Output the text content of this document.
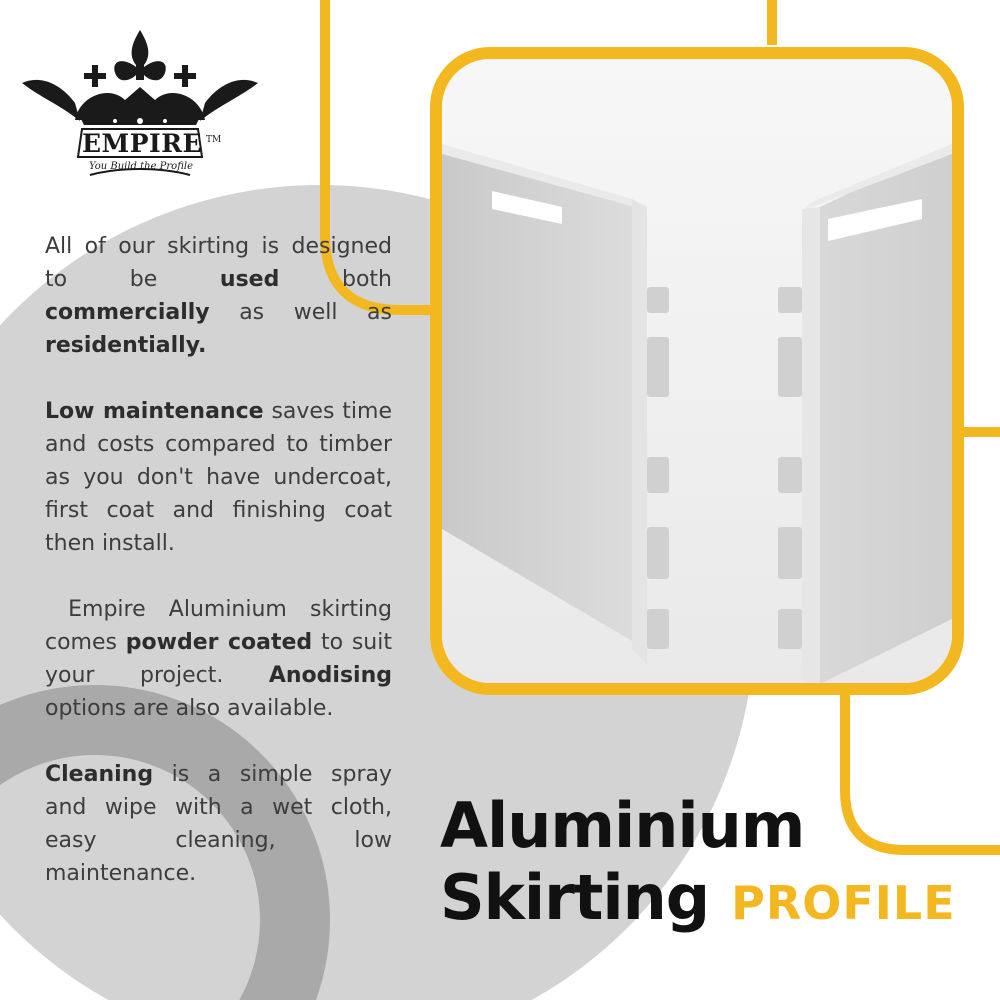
EMPIRE TM
You Build the Profile

All of our skirting is designed to be used both commercially as well as residentially.

Low maintenance saves time and costs compared to timber as you don't have undercoat, first coat and finishing coat then install.

Empire Aluminium skirting comes powder coated to suit your project. Anodising options are also available.

Cleaning is a simple spray and wipe with a wet cloth, easy cleaning, low maintenance.

Aluminium
Skirting PROFILE
